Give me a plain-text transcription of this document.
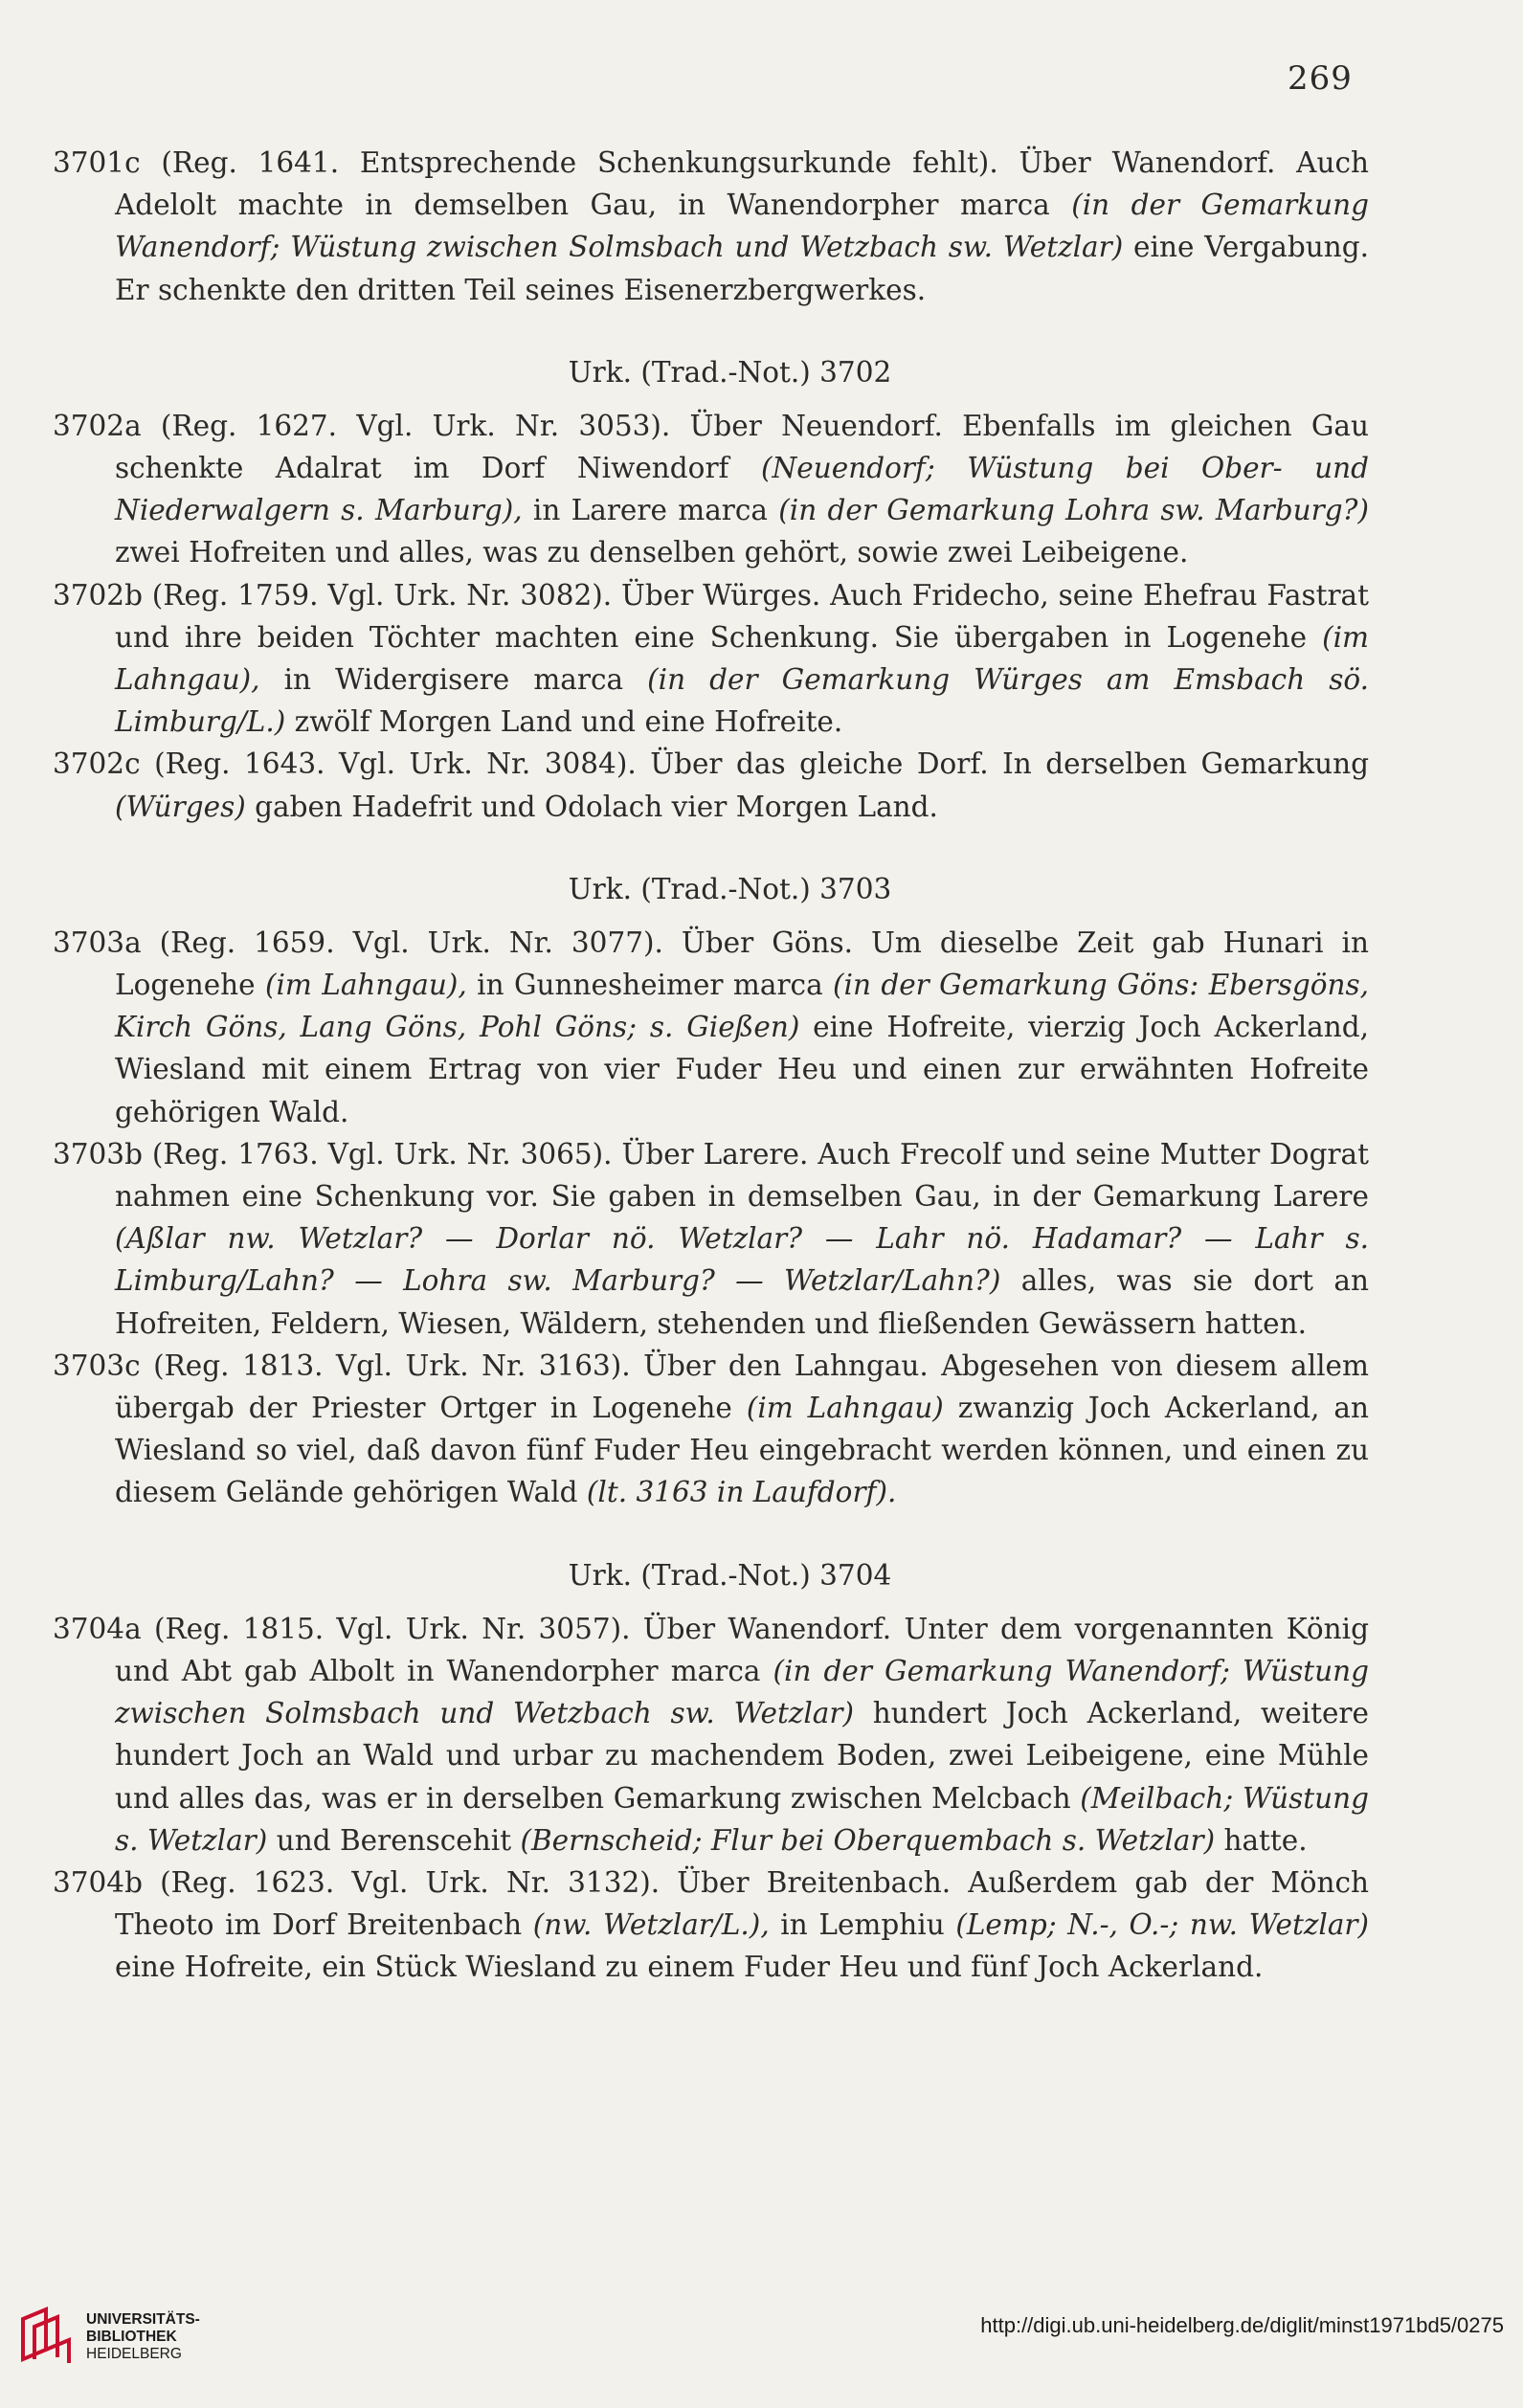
269

3701c (Reg. 1641. Entsprechende Schenkungsurkunde fehlt). Über Wanendorf. Auch Adelolt machte in demselben Gau, in Wanendorpher marca (in der Gemarkung Wanendorf; Wüstung zwischen Solmsbach und Wetzbach sw. Wetzlar) eine Vergabung. Er schenkte den dritten Teil seines Eisenerzbergwerkes.

Urk. (Trad.-Not.) 3702

3702a (Reg. 1627. Vgl. Urk. Nr. 3053). Über Neuendorf. Ebenfalls im gleichen Gau schenkte Adalrat im Dorf Niwendorf (Neuendorf; Wüstung bei Ober- und Niederwalgern s. Marburg), in Larere marca (in der Gemarkung Lohra sw. Marburg?) zwei Hofreiten und alles, was zu denselben gehört, sowie zwei Leibeigene.

3702b (Reg. 1759. Vgl. Urk. Nr. 3082). Über Würges. Auch Fridecho, seine Ehefrau Fastrat und ihre beiden Töchter machten eine Schenkung. Sie übergaben in Logenehe (im Lahngau), in Widergisere marca (in der Gemarkung Würges am Emsbach sö. Limburg/L.) zwölf Morgen Land und eine Hofreite.

3702c (Reg. 1643. Vgl. Urk. Nr. 3084). Über das gleiche Dorf. In derselben Gemarkung (Würges) gaben Hadefrit und Odolach vier Morgen Land.

Urk. (Trad.-Not.) 3703

3703a (Reg. 1659. Vgl. Urk. Nr. 3077). Über Göns. Um dieselbe Zeit gab Hunari in Logenehe (im Lahngau), in Gunnesheimer marca (in der Gemarkung Göns: Ebersgöns, Kirch Göns, Lang Göns, Pohl Göns; s. Gießen) eine Hofreite, vierzig Joch Ackerland, Wiesland mit einem Ertrag von vier Fuder Heu und einen zur erwähnten Hofreite gehörigen Wald.

3703b (Reg. 1763. Vgl. Urk. Nr. 3065). Über Larere. Auch Frecolf und seine Mutter Dograt nahmen eine Schenkung vor. Sie gaben in demselben Gau, in der Gemarkung Larere (Aßlar nw. Wetzlar? — Dorlar nö. Wetzlar? — Lahr nö. Hadamar? — Lahr s. Limburg/Lahn? — Lohra sw. Marburg? — Wetzlar/Lahn?) alles, was sie dort an Hofreiten, Feldern, Wiesen, Wäldern, stehenden und fließenden Gewässern hatten.

3703c (Reg. 1813. Vgl. Urk. Nr. 3163). Über den Lahngau. Abgesehen von diesem allem übergab der Priester Ortger in Logenehe (im Lahngau) zwanzig Joch Ackerland, an Wiesland so viel, daß davon fünf Fuder Heu eingebracht werden können, und einen zu diesem Gelände gehörigen Wald (lt. 3163 in Laufdorf).

Urk. (Trad.-Not.) 3704

3704a (Reg. 1815. Vgl. Urk. Nr. 3057). Über Wanendorf. Unter dem vorgenannten König und Abt gab Albolt in Wanendorpher marca (in der Gemarkung Wanendorf; Wüstung zwischen Solmsbach und Wetzbach sw. Wetzlar) hundert Joch Ackerland, weitere hundert Joch an Wald und urbar zu machendem Boden, zwei Leibeigene, eine Mühle und alles das, was er in derselben Gemarkung zwischen Melcbach (Meilbach; Wüstung s. Wetzlar) und Berenscehit (Bernscheid; Flur bei Oberquembach s. Wetzlar) hatte.

3704b (Reg. 1623. Vgl. Urk. Nr. 3132). Über Breitenbach. Außerdem gab der Mönch Theoto im Dorf Breitenbach (nw. Wetzlar/L.), in Lemphiu (Lemp; N.-, O.-; nw. Wetzlar) eine Hofreite, ein Stück Wiesland zu einem Fuder Heu und fünf Joch Ackerland.

UNIVERSITÄTS-
BIBLIOTHEK
HEIDELBERG
http://digi.ub.uni-heidelberg.de/diglit/minst1971bd5/0275
